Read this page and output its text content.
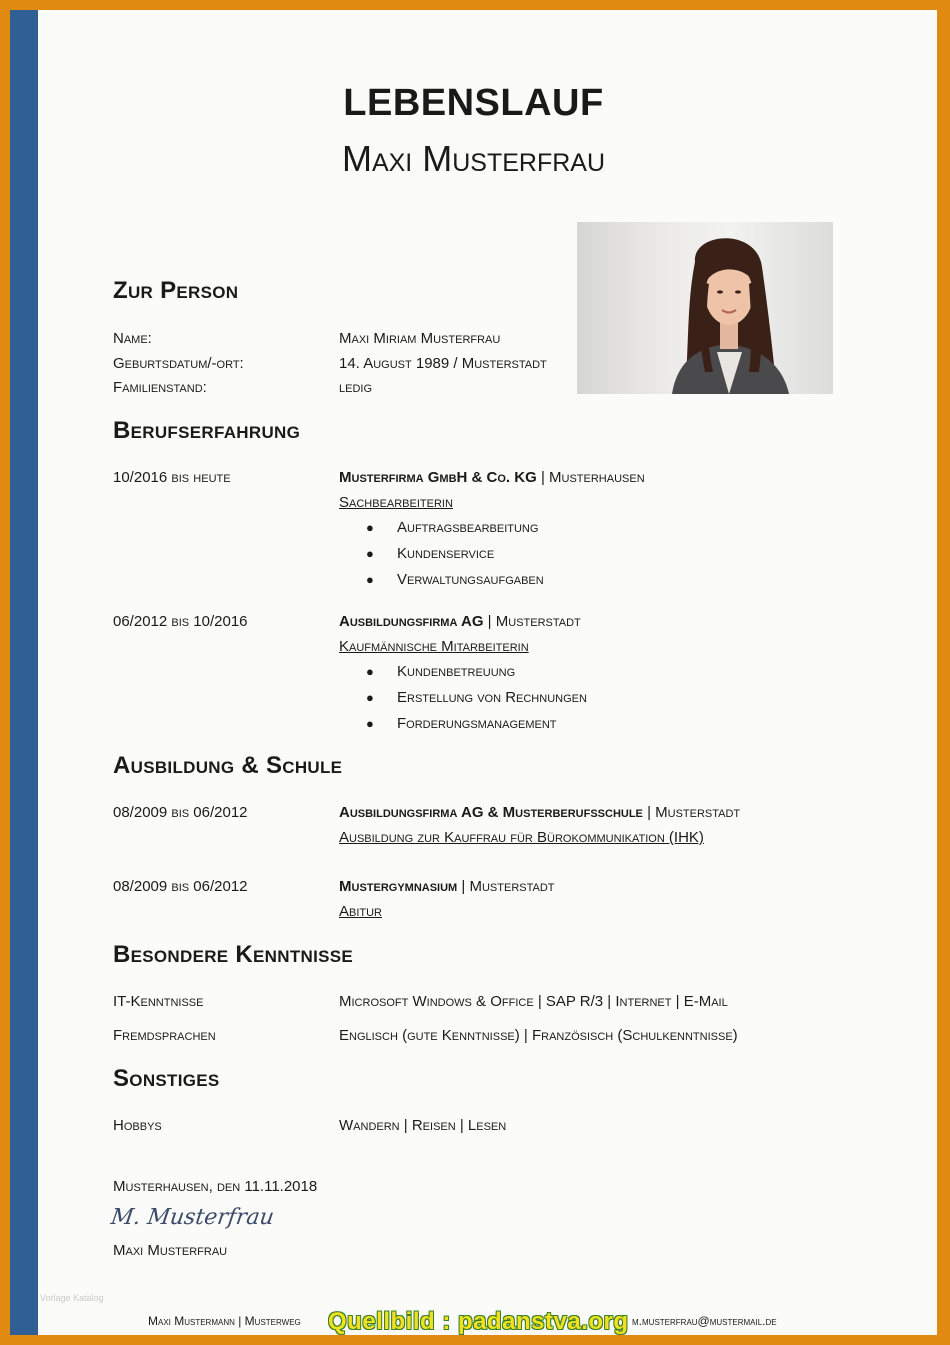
LEBENSLAUF
Maxi Musterfrau
Zur Person
Name:	Maxi Miriam Musterfrau
Geburtsdatum/-ort:	14. August 1989 / Musterstadt
Familienstand:	ledig
Berufserfahrung
10/2016 bis heute	Musterfirma GmbH & Co. KG | Musterhausen
Sachbearbeiterin
● Auftragsbearbeitung
● Kundenservice
● Verwaltungsaufgaben
06/2012 bis 10/2016	Ausbildungsfirma AG | Musterstadt
Kaufmännische Mitarbeiterin
● Kundenbetreuung
● Erstellung von Rechnungen
● Forderungsmanagement
Ausbildung & Schule
08/2009 bis 06/2012	Ausbildungsfirma AG & Musterberufsschule | Musterstadt
Ausbildung zur Kauffrau für Bürokommunikation (IHK)
08/2009 bis 06/2012	Mustergymnasium | Musterstadt
Abitur
Besondere Kenntnisse
IT-Kenntnisse	Microsoft Windows & Office | SAP R/3 | Internet | E-Mail
Fremdsprachen	Englisch (gute Kenntnisse) | Französisch (Schulkenntnisse)
Sonstiges
Hobbys	Wandern | Reisen | Lesen
Musterhausen, den 11.11.2018
M. Musterfrau
Maxi Musterfrau
Vorlage Katalog
Maxi Mustermann | Musterweg	m.musterfrau@mustermail.de
Quellbild : padanstva.org
